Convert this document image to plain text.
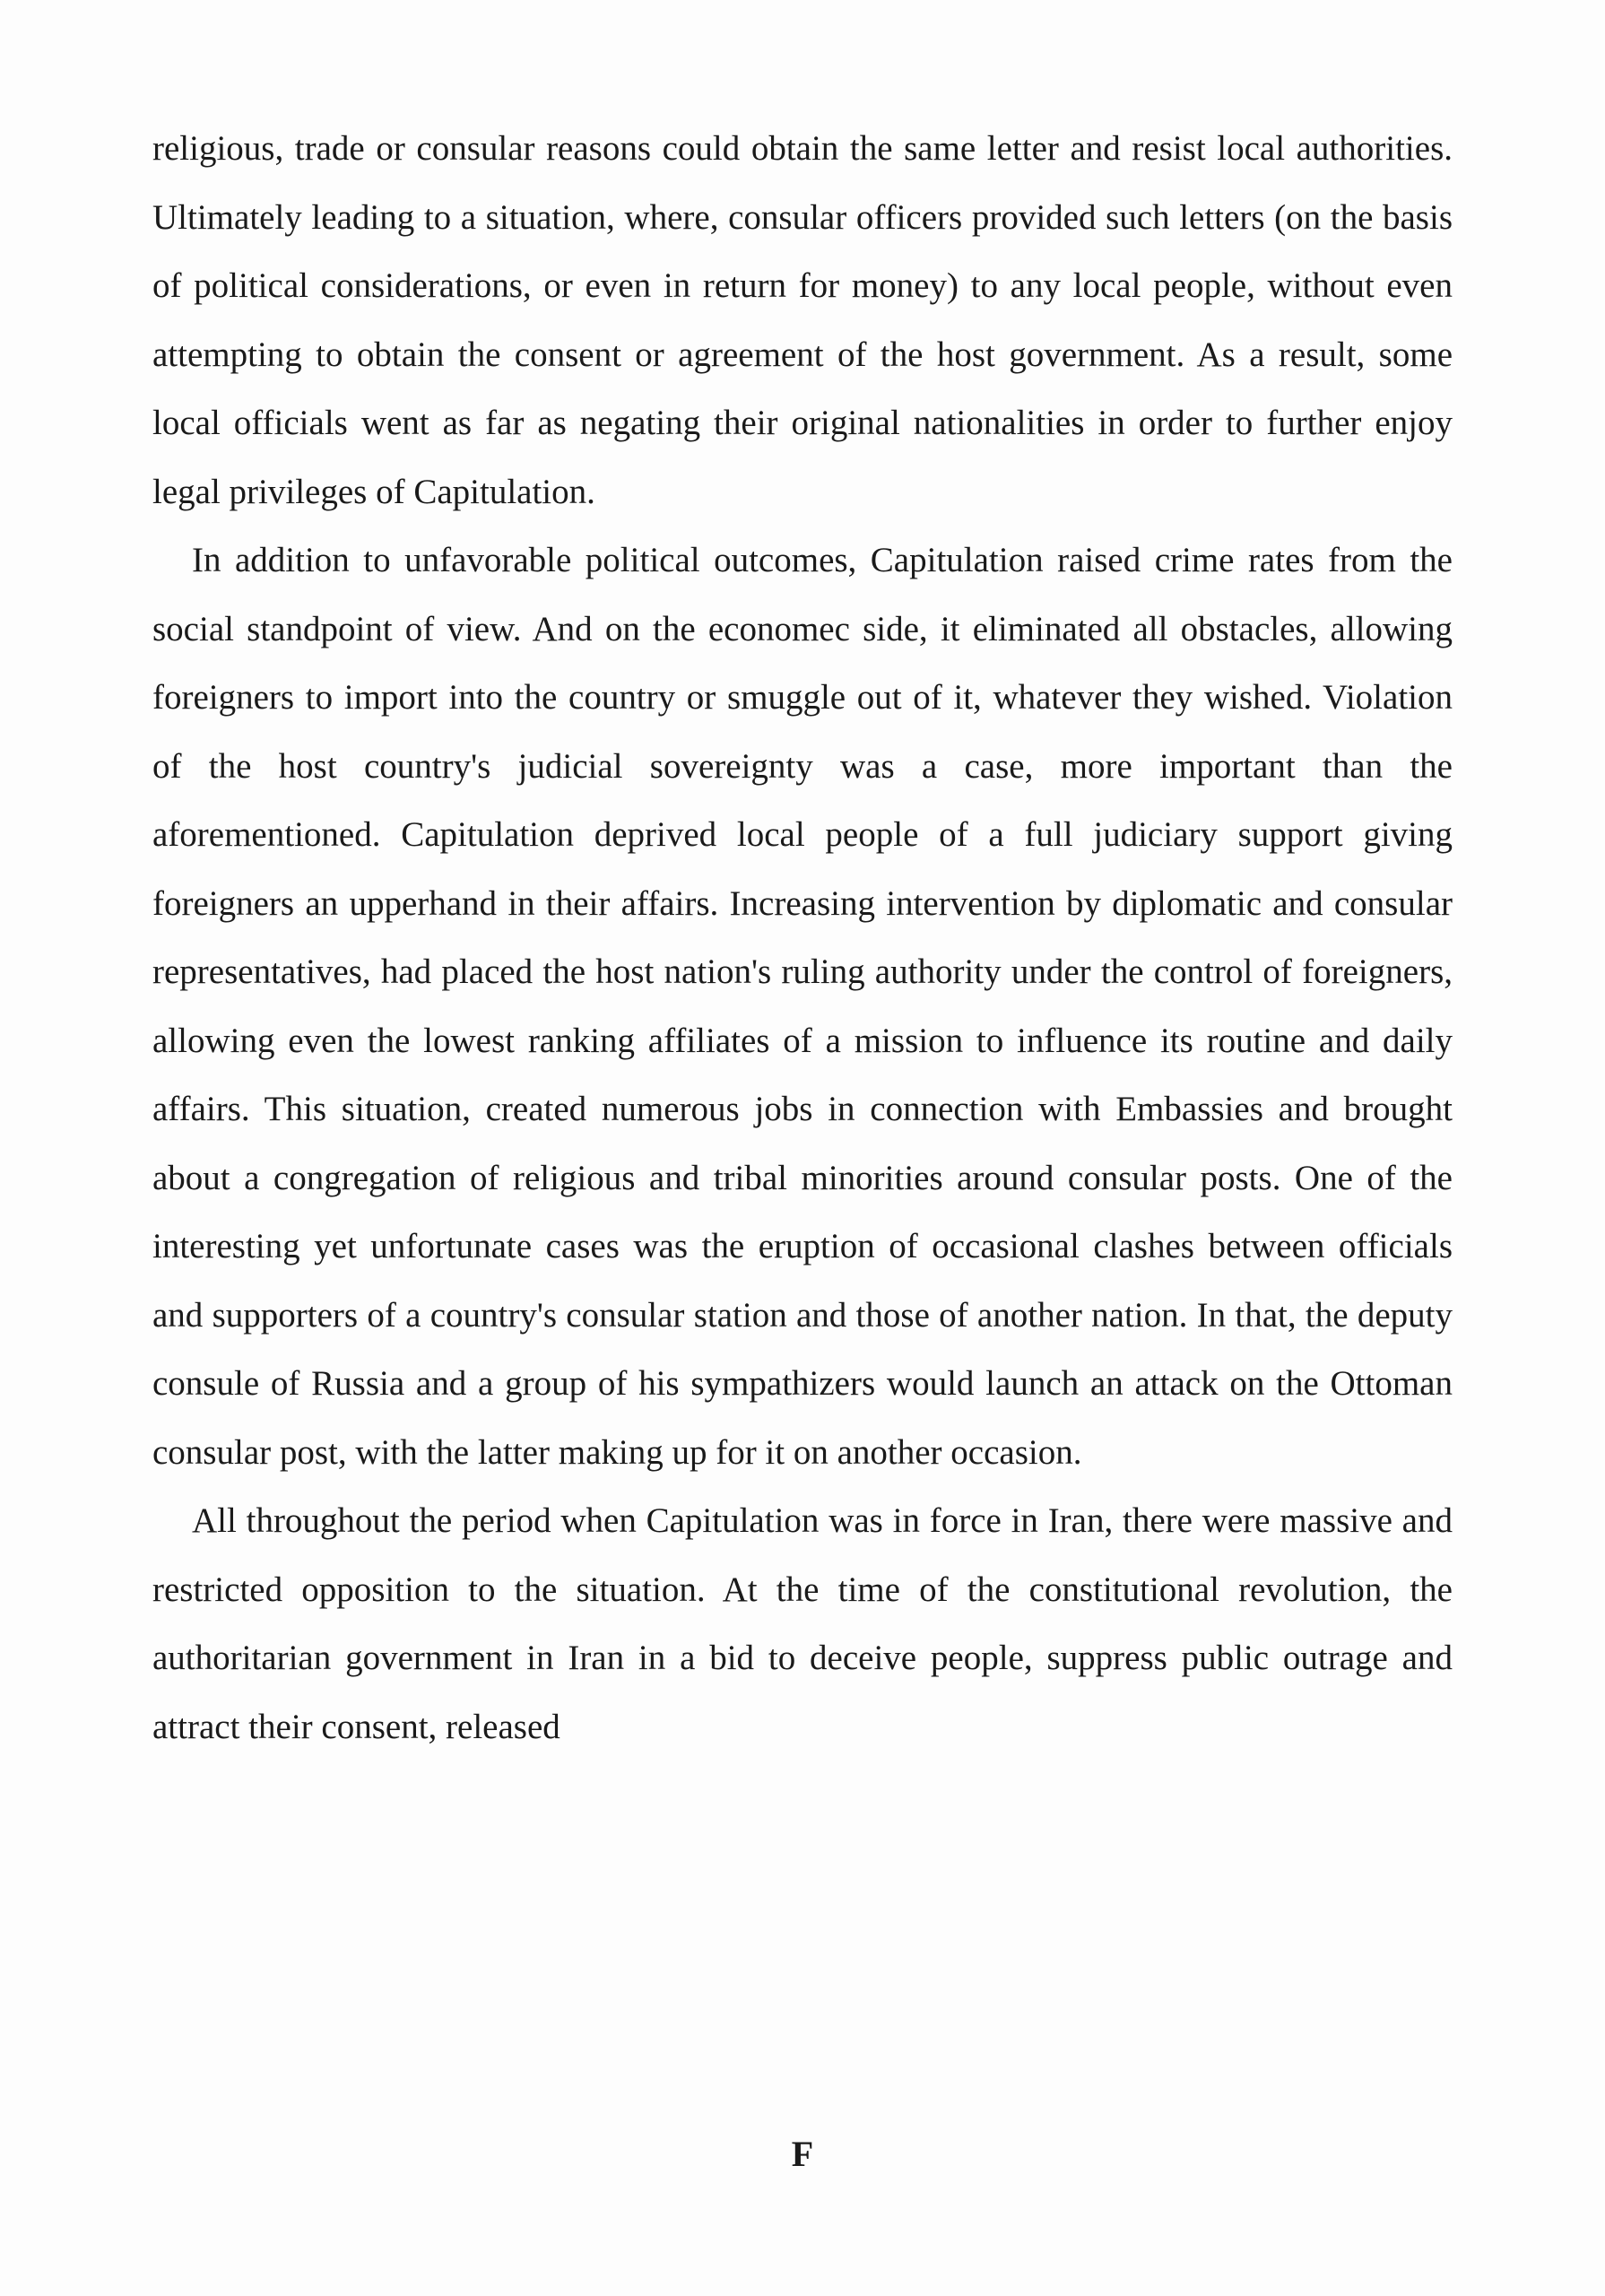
religious, trade or consular reasons could obtain the same letter and resist local authorities. Ultimately leading to a situation, where, consular officers provided such letters (on the basis of political considerations, or even in return for money) to any local people, without even attempting to obtain the consent or agreement of the host government. As a result, some local officials went as far as negating their original nationalities in order to further enjoy legal privileges of Capitulation.

In addition to unfavorable political outcomes, Capitulation raised crime rates from the social standpoint of view. And on the economec side, it eliminated all obstacles, allowing foreigners to import into the country or smuggle out of it, whatever they wished. Violation of the host country's judicial sovereignty was a case, more important than the aforementioned. Capitulation deprived local people of a full judiciary support giving foreigners an upperhand in their affairs. Increasing intervention by diplomatic and consular representatives, had placed the host nation's ruling authority under the control of foreigners, allowing even the lowest ranking affiliates of a mission to influence its routine and daily affairs. This situation, created numerous jobs in connection with Embassies and brought about a congregation of religious and tribal minorities around consular posts. One of the interesting yet unfortunate cases was the eruption of occasional clashes between officials and supporters of a country's consular station and those of another nation. In that, the deputy consule of Russia and a group of his sympathizers would launch an attack on the Ottoman consular post, with the latter making up for it on another occasion.

All throughout the period when Capitulation was in force in Iran, there were massive and restricted opposition to the situation. At the time of the constitutional revolution, the authoritarian government in Iran in a bid to deceive people, suppress public outrage and attract their consent, released

F
